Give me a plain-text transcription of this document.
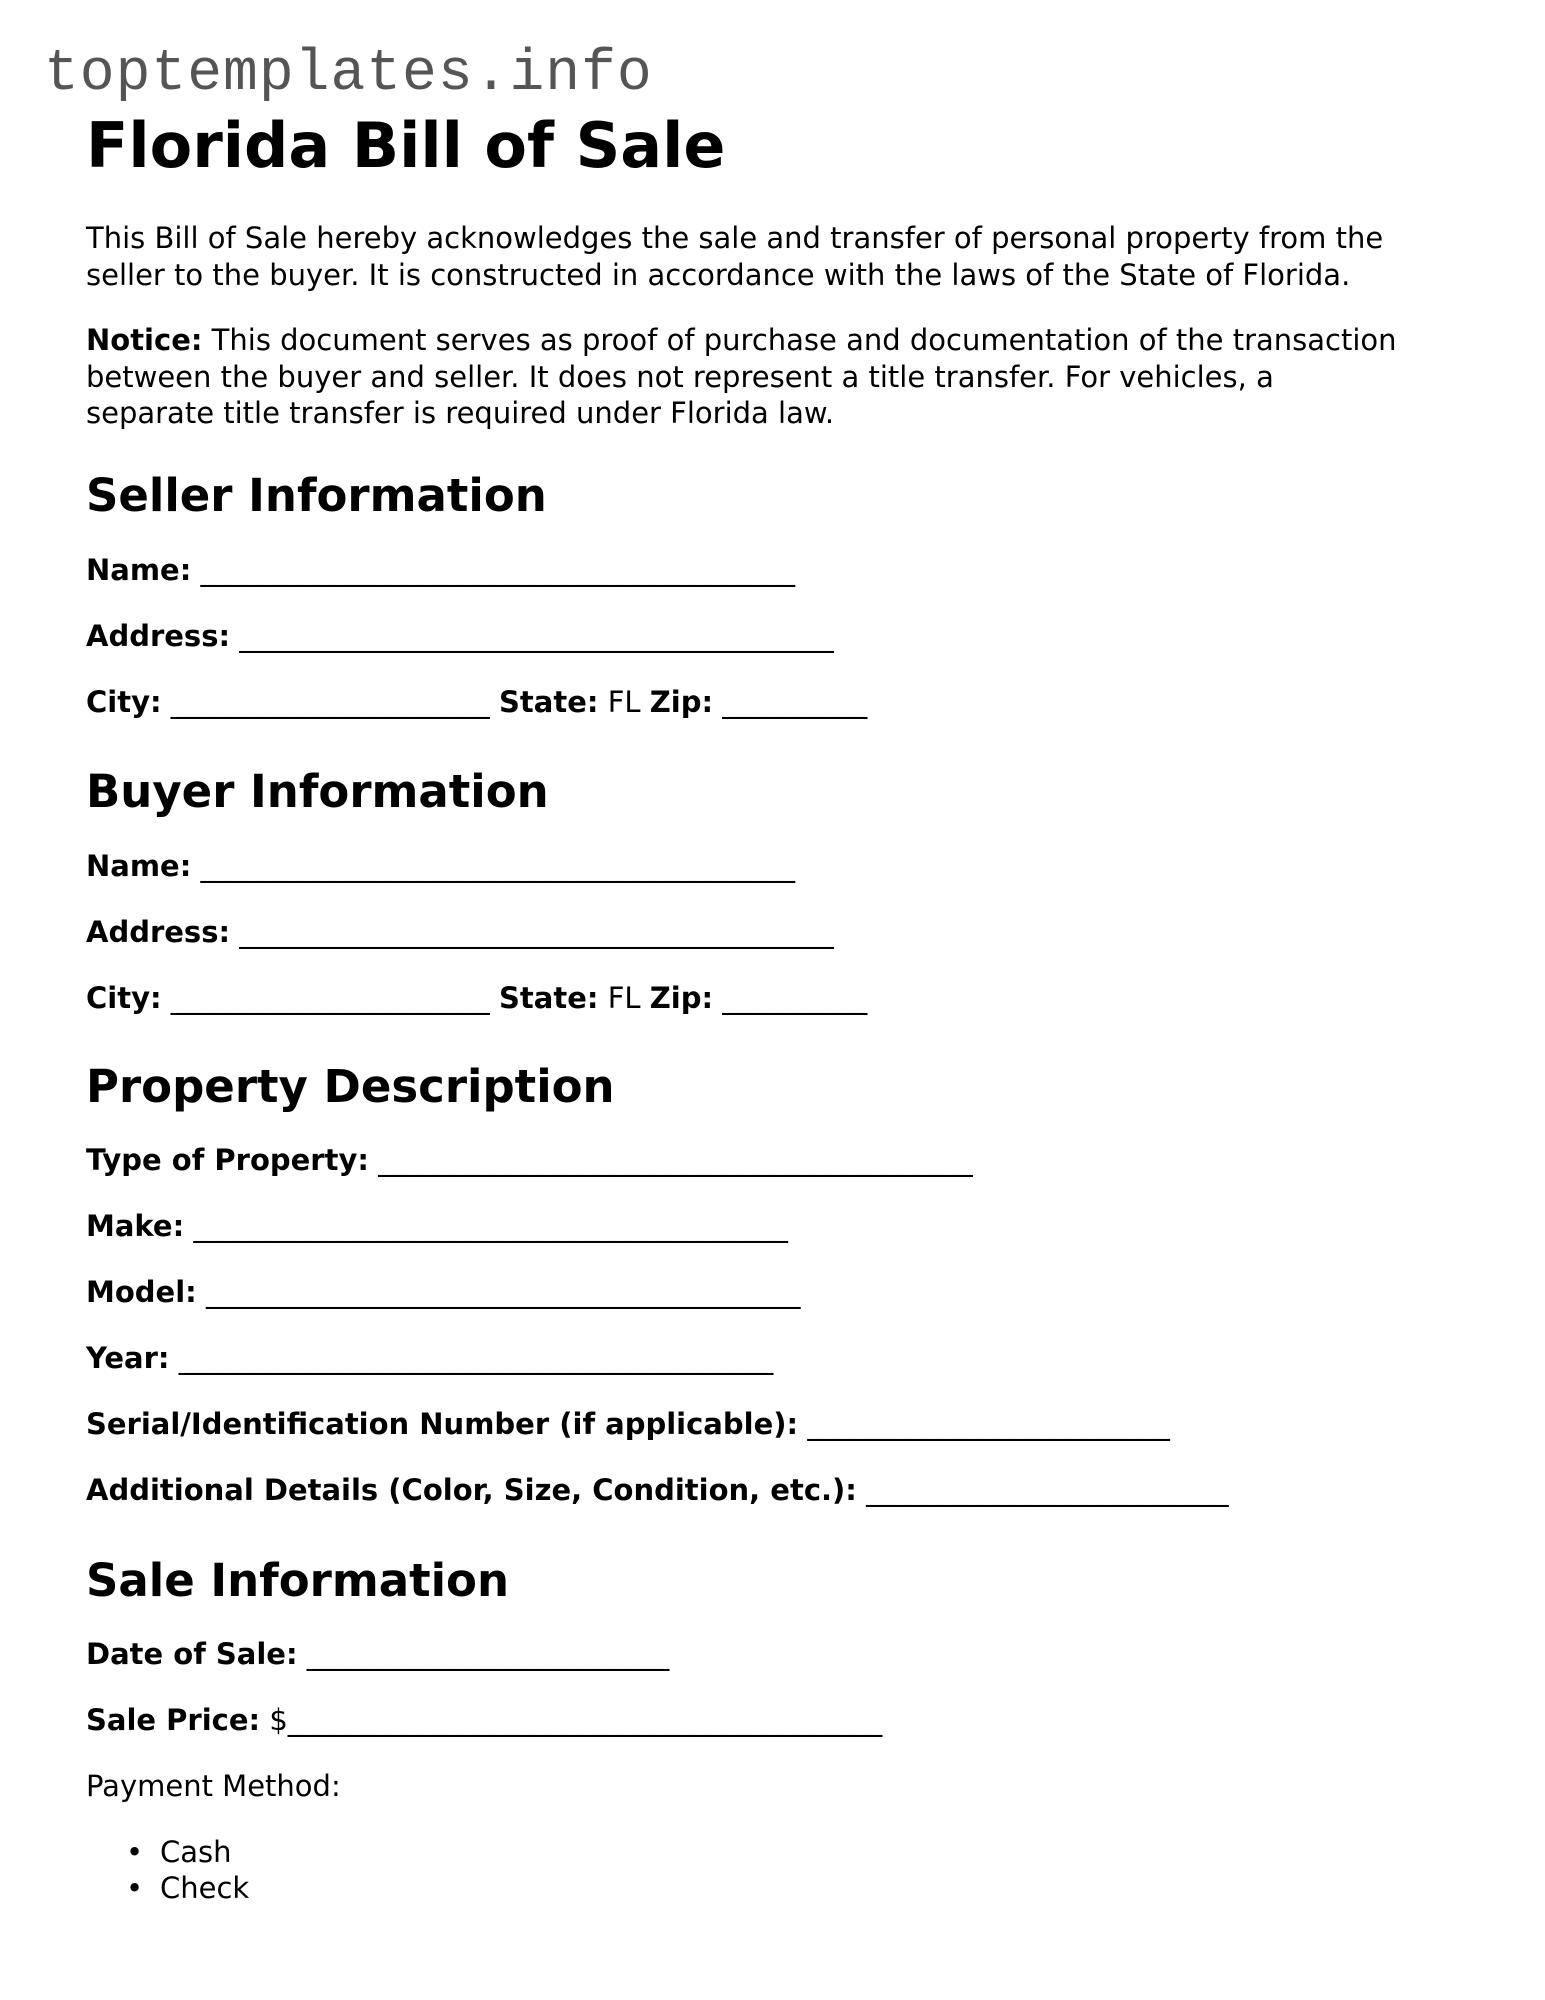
toptemplates.info
Florida Bill of Sale
This Bill of Sale hereby acknowledges the sale and transfer of personal property from the
seller to the buyer. It is constructed in accordance with the laws of the State of Florida.
Notice: This document serves as proof of purchase and documentation of the transaction
between the buyer and seller. It does not represent a title transfer. For vehicles, a
separate title transfer is required under Florida law.
Seller Information
Name: _________________________________________
Address: _________________________________________
City: ______________________ State: FL Zip: __________
Buyer Information
Name: _________________________________________
Address: _________________________________________
City: ______________________ State: FL Zip: __________
Property Description
Type of Property: _________________________________________
Make: _________________________________________
Model: _________________________________________
Year: _________________________________________
Serial/Identification Number (if applicable): _________________________
Additional Details (Color, Size, Condition, etc.): _________________________
Sale Information
Date of Sale: _________________________
Sale Price: $_________________________________________
Payment Method:
• Cash
• Check
